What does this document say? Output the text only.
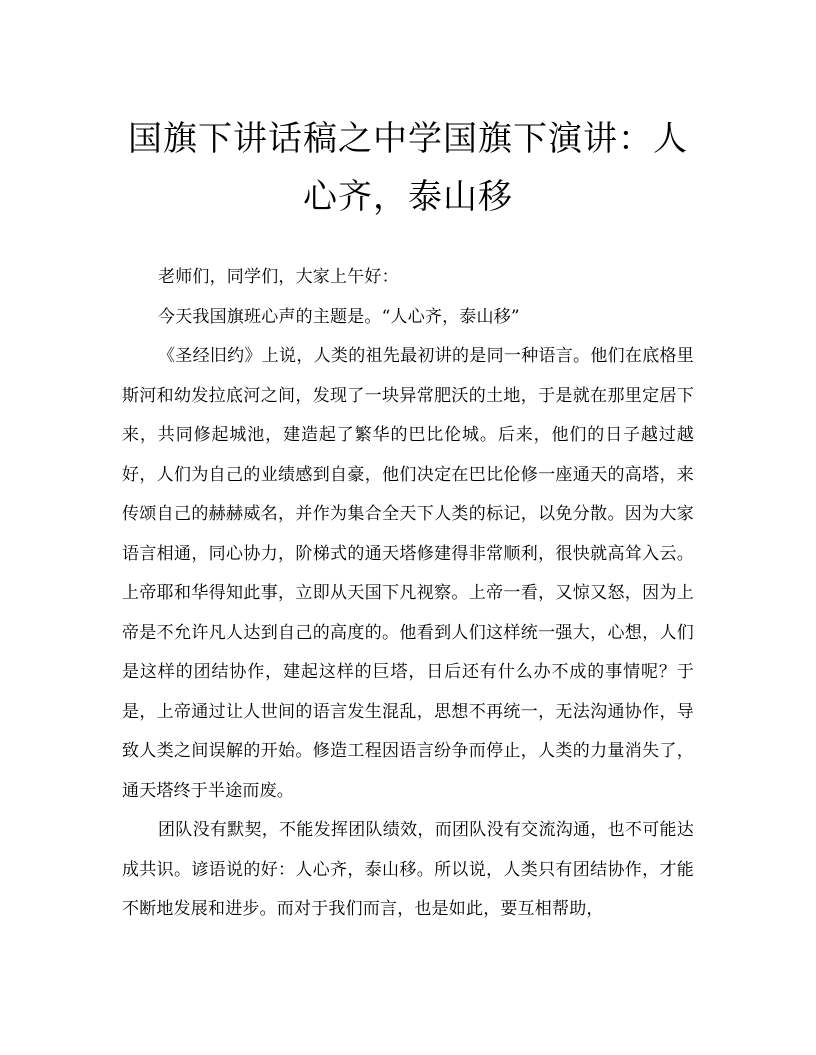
国旗下讲话稿之中学国旗下演讲：人心齐，泰山移

老师们，同学们，大家上午好：

今天我国旗班心声的主题是。“人心齐，泰山移”

《圣经旧约》上说，人类的祖先最初讲的是同一种语言。他们在底格里斯河和幼发拉底河之间，发现了一块异常肥沃的土地，于是就在那里定居下来，共同修起城池，建造起了繁华的巴比伦城。后来，他们的日子越过越好，人们为自己的业绩感到自豪，他们决定在巴比伦修一座通天的高塔，来传颂自己的赫赫威名，并作为集合全天下人类的标记，以免分散。因为大家语言相通，同心协力，阶梯式的通天塔修建得非常顺利，很快就高耸入云。上帝耶和华得知此事，立即从天国下凡视察。上帝一看，又惊又怒，因为上帝是不允许凡人达到自己的高度的。他看到人们这样统一强大，心想，人们是这样的团结协作，建起这样的巨塔，日后还有什么办不成的事情呢？于是，上帝通过让人世间的语言发生混乱，思想不再统一，无法沟通协作，导致人类之间误解的开始。修造工程因语言纷争而停止，人类的力量消失了，通天塔终于半途而废。

团队没有默契，不能发挥团队绩效，而团队没有交流沟通，也不可能达成共识。谚语说的好：人心齐，泰山移。所以说，人类只有团结协作，才能不断地发展和进步。而对于我们而言，也是如此，要互相帮助，
